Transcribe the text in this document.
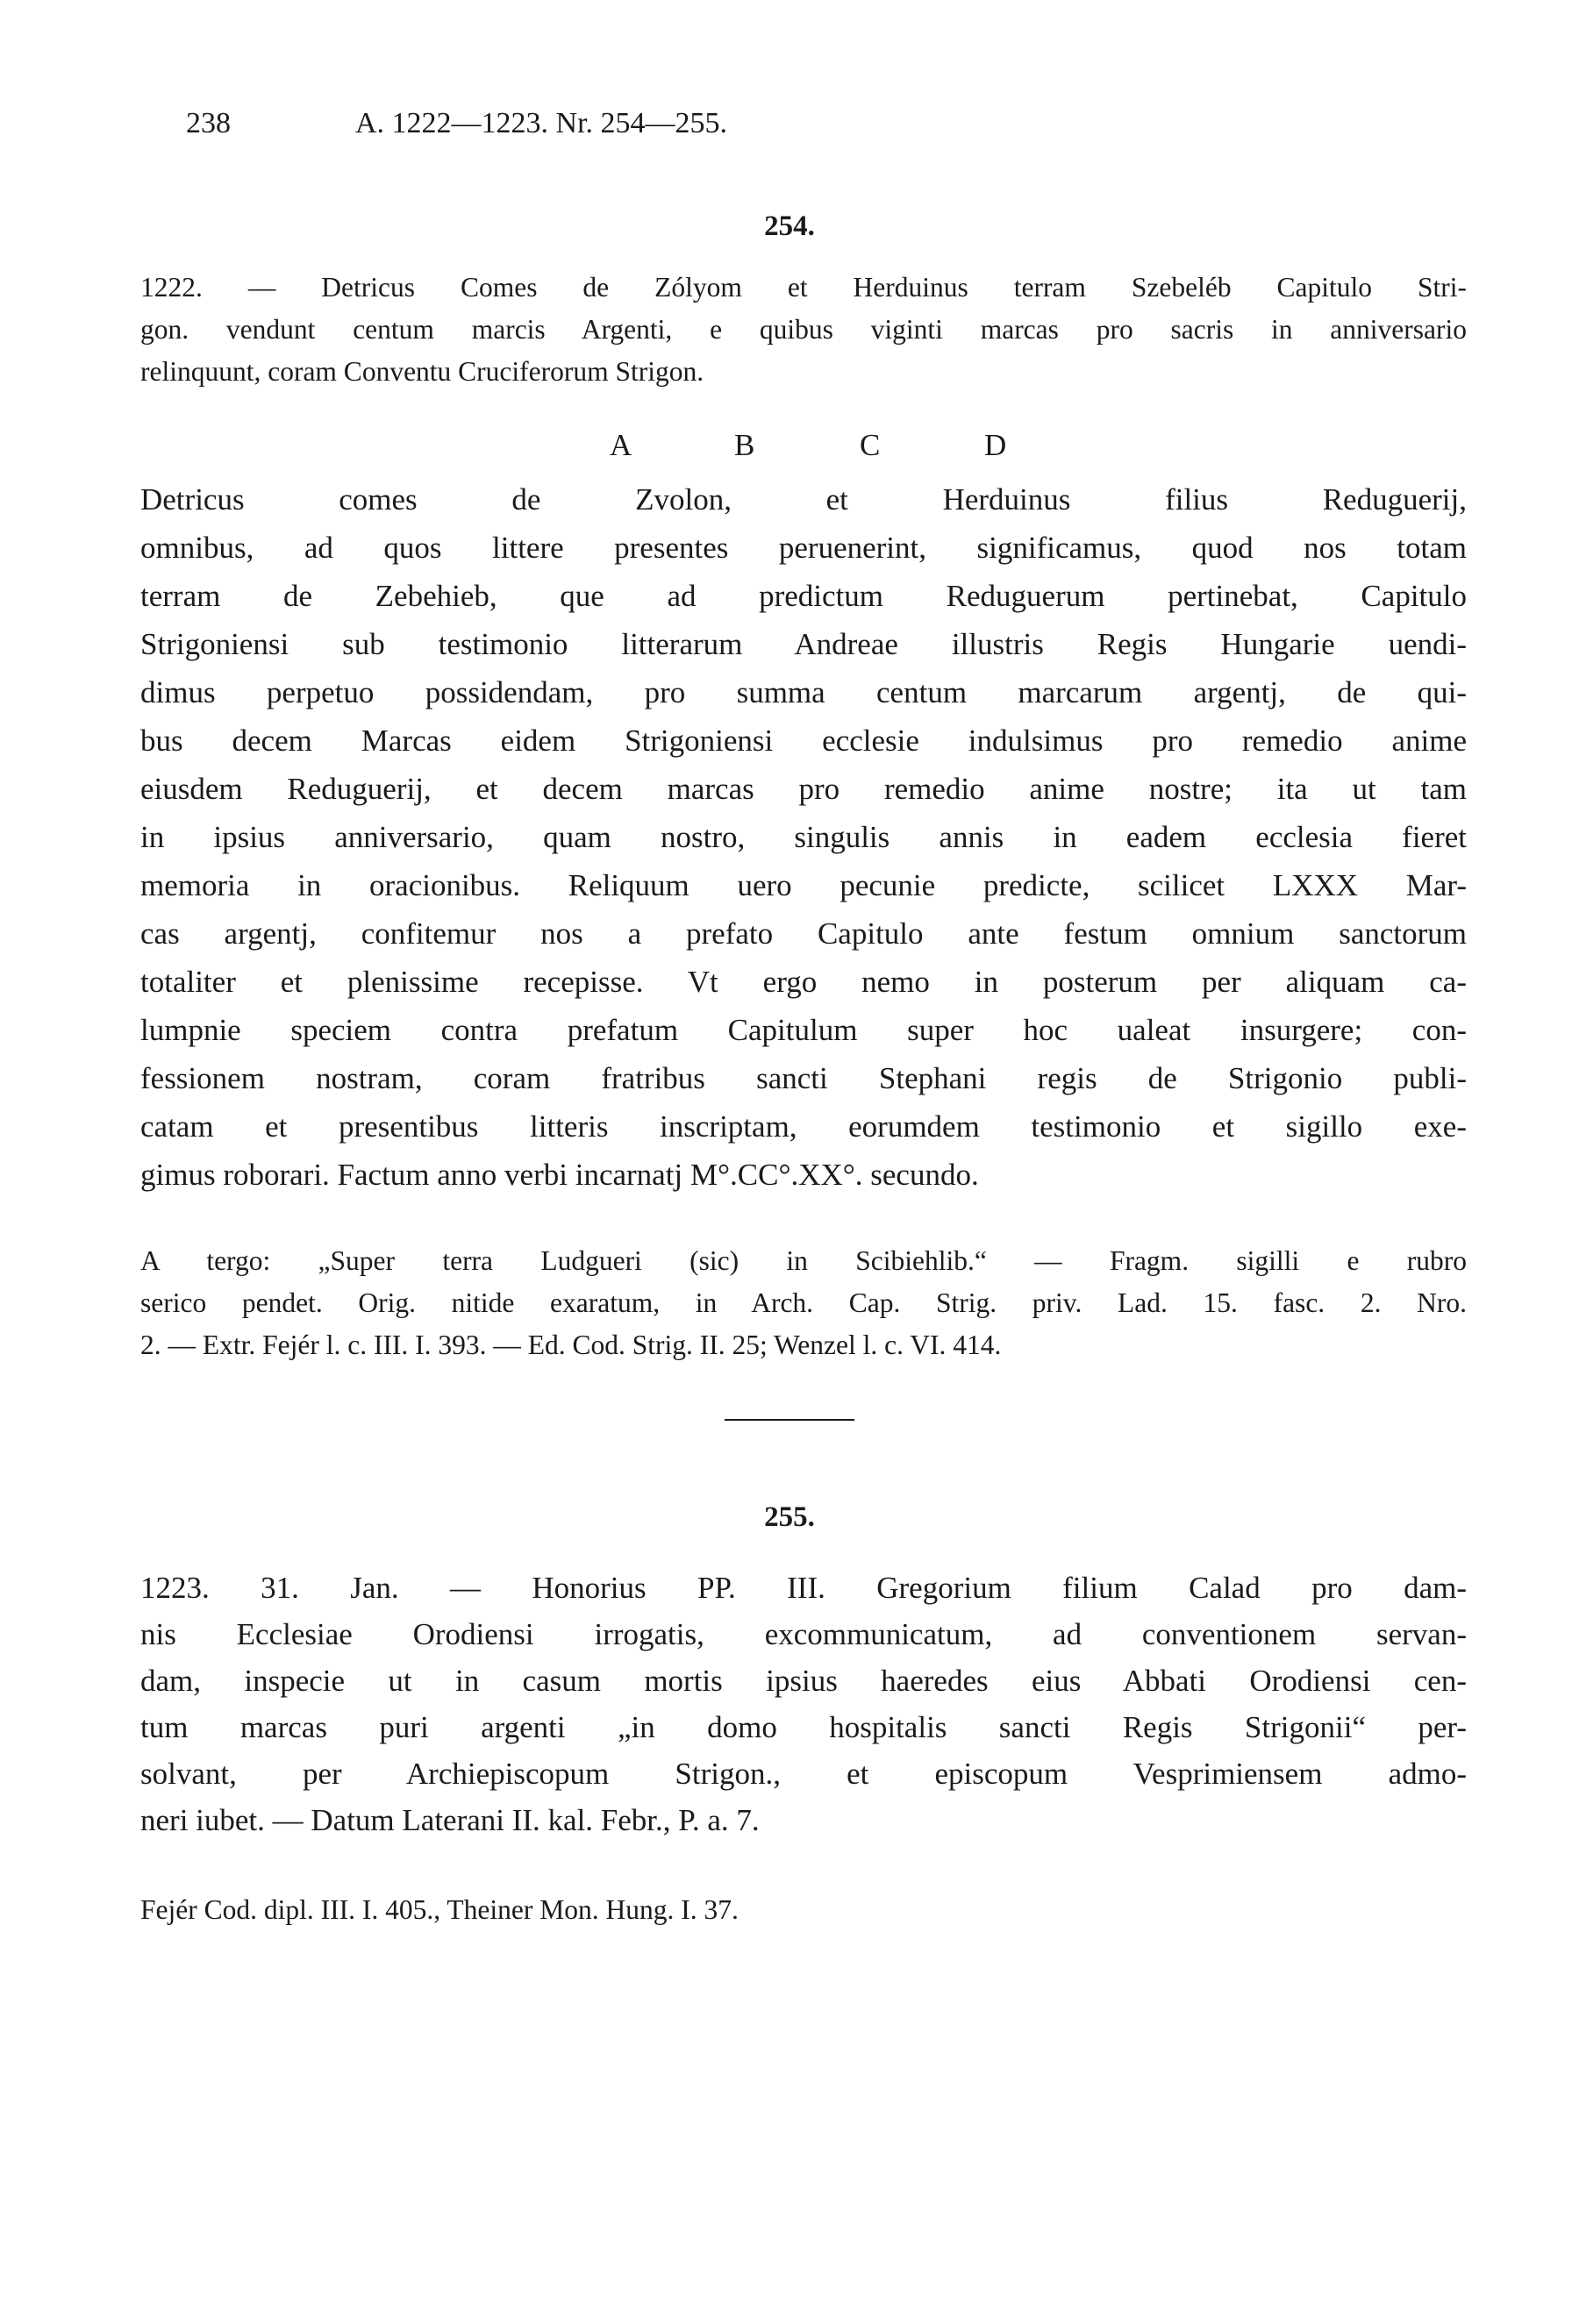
238	A. 1222—1223. Nr. 254—255.
254.
1222. — Detricus Comes de Zólyom et Herduinus terram Szebeléb Capitulo Stri-
gon. vendunt centum marcis Argenti, e quibus viginti marcas pro sacris in anniversario
relinquunt, coram Conventu Cruciferorum Strigon.
A	B	C	D
Detricus comes de Zvolon, et Herduinus filius Reduguerij,
omnibus, ad quos littere presentes peruenerint, significamus, quod nos totam
terram de Zebehieb, que ad predictum Reduguerum pertinebat, Capitulo
Strigoniensi sub testimonio litterarum Andreae illustris Regis Hungarie uendi-
dimus perpetuo possidendam, pro summa centum marcarum argentj, de qui-
bus decem Marcas eidem Strigoniensi ecclesie indulsimus pro remedio anime
eiusdem Reduguerij, et decem marcas pro remedio anime nostre; ita ut tam
in ipsius anniversario, quam nostro, singulis annis in eadem ecclesia fieret
memoria in oracionibus. Reliquum uero pecunie predicte, scilicet LXXX Mar-
cas argentj, confitemur nos a prefato Capitulo ante festum omnium sanctorum
totaliter et plenissime recepisse. Vt ergo nemo in posterum per aliquam ca-
lumpnie speciem contra prefatum Capitulum super hoc ualeat insurgere; con-
fessionem nostram, coram fratribus sancti Stephani regis de Strigonio publi-
catam et presentibus litteris inscriptam, eorumdem testimonio et sigillo exe-
gimus roborari. Factum anno verbi incarnatj M°.CC°.XX°. secundo.
A tergo: „Super terra Ludgueri (sic) in Scibiehlib.“ — Fragm. sigilli e rubro
serico pendet. Orig. nitide exaratum, in Arch. Cap. Strig. priv. Lad. 15. fasc. 2. Nro.
2. — Extr. Fejér l. c. III. I. 393. — Ed. Cod. Strig. II. 25; Wenzel l. c. VI. 414.
255.
1223. 31. Jan. — Honorius PP. III. Gregorium filium Calad pro dam-
nis Ecclesiae Orodiensi irrogatis, excommunicatum, ad conventionem servan-
dam, inspecie ut in casum mortis ipsius haeredes eius Abbati Orodiensi cen-
tum marcas puri argenti „in domo hospitalis sancti Regis Strigonii“ per-
solvant, per Archiepiscopum Strigon., et episcopum Vesprimiensem admo-
neri iubet. — Datum Laterani II. kal. Febr., P. a. 7.
Fejér Cod. dipl. III. I. 405., Theiner Mon. Hung. I. 37.
